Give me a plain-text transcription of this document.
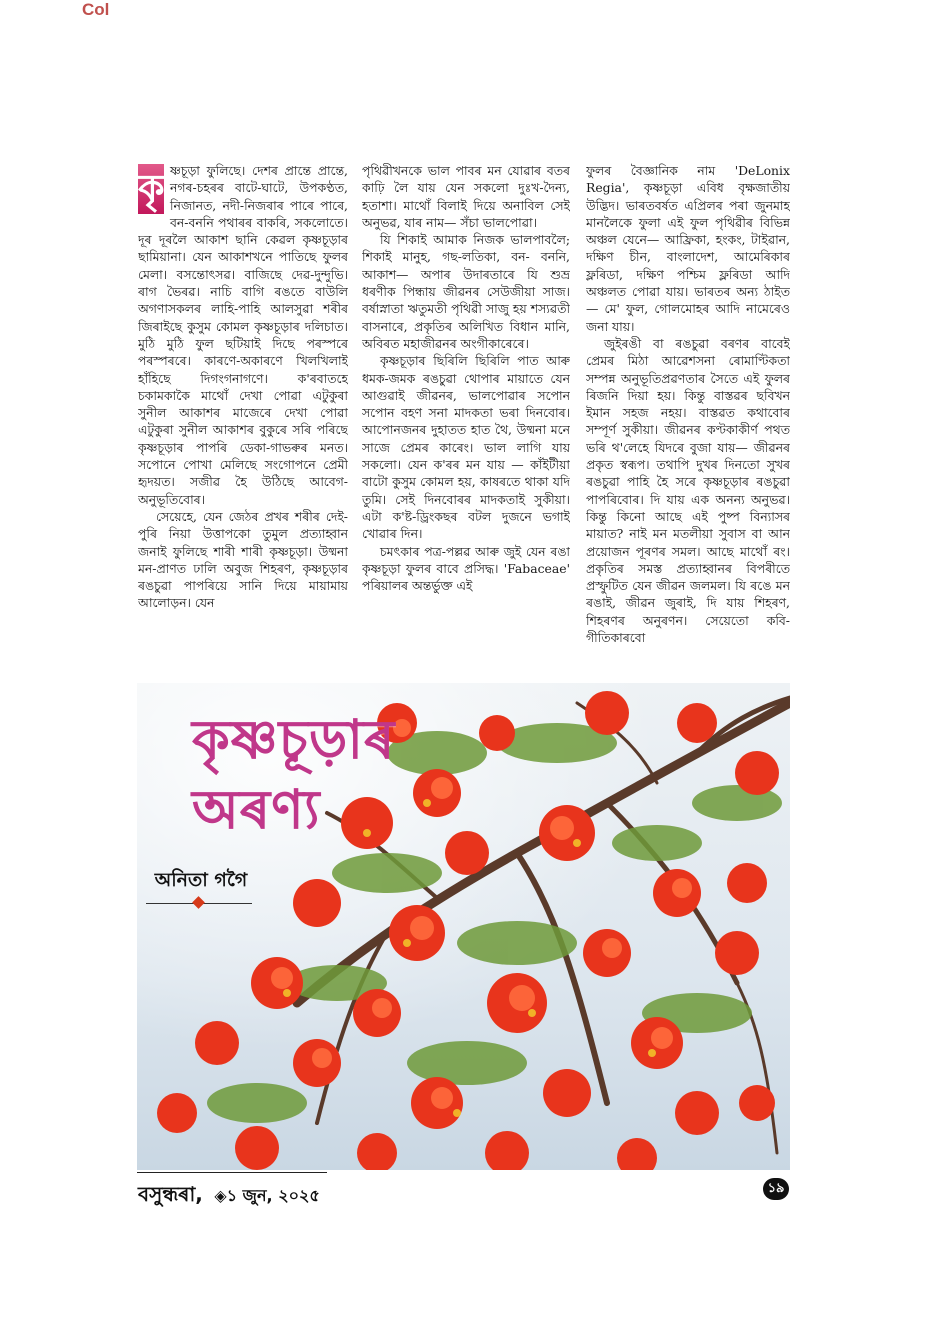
Col
কৃ ষ্ণচূড়া ফুলিছে। দেশৰ প্ৰান্তে প্ৰান্তে, নগৰ-চহৰৰ বাটে-ঘাটে, উপকণ্ঠত, নিজানত, নদী-নিজৰাৰ পাৰে পাৰে, বন-বননি পথাৰৰ বাকৰি, সকলোতে। দূৰ দূৰলৈ আকাশ ছানি কেৱল কৃষ্ণচূড়াৰ ছামিয়ানা। যেন আকাশখনে পাতিছে ফুলৰ মেলা। বসন্তোৎসৱ। বাজিছে দেৱ-দুন্দুভি। ৰাগ ভৈৰৱ। নাচি বাগি ৰঙতে বাউলি অগণাসকলৰ লাহি-পাহি আলসুৱা শৰীৰ জিৰাইছে কুসুম কোমল কৃষ্ণচূড়াৰ দলিচাত। মুঠি মুঠি ফুল ছটিয়াই দিছে পৰস্পৰে পৰস্পৰৰে। কাৰণে-অকাৰণে খিলখিলাই হাঁহিছে দিগংগনাগণে। ক'ৰবাতহে চকামকাকৈ মাথোঁ দেখা পোৱা এটুকুৰা সুনীল আকাশৰ মাজেৰে দেখা পোৱা এটুকুৰা সুনীল আকাশৰ বুকুৰে সৰি পৰিছে কৃষ্ণচূড়াৰ পাপৰি ডেকা-গাভৰুৰ মনত। সপোনে পোখা মেলিছে সংগোপনে প্ৰেমী হৃদয়ত। সজীৱ হৈ উঠিছে আবেগ- অনুভূতিবোৰ।

সেয়েহে, যেন জেঠৰ প্ৰখৰ শৰীৰ দেই-পুৰি নিয়া উত্তাপকো তুমুল প্ৰত্যাহ্বান জনাই ফুলিছে শাৰী শাৰী কৃষ্ণচূড়া। উষ্মনা মন-প্ৰাণত ঢালি অবুজ শিহৰণ, কৃষ্ণচূড়াৰ ৰঙচুৱা পাপৰিয়ে সানি দিয়ে মায়ামায় আলোড়ন। যেন

পৃথিৱীখনকে ভাল পাবৰ মন যোৱাৰ বতৰ কাঢ়ি লৈ যায় যেন সকলো দুঃখ-দৈন্য, হতাশা। মাথোঁ বিলাই দিয়ে অনাবিল সেই অনুভৱ, যাৰ নাম— সঁচা ভালপোৱা।

যি শিকাই আমাক নিজক ভালপাবলৈ; শিকাই মানুহ, গছ-লতিকা, বন- বননি, আকাশ— অপাৰ উদাৰতাৰে যি শুভ্ৰ ধৰণীক পিন্ধায় জীৱনৰ সেউজীয়া সাজ। বৰ্ষাস্নাতা ঋতুমতী পৃথিৱী সাজু হয় শস্যৱতী বাসনাৰে, প্ৰকৃতিৰ অলিখিত বিধান মানি, অবিৰত মহাজীৱনৰ অংগীকাৰেৰে।

কৃষ্ণচূড়াৰ ছিৰিলি ছিৰিলি পাত আৰু ধমক-জমক ৰঙচুৱা থোপাৰ মায়াতে যেন আগুৱাই জীৱনৰ, ভালপোৱাৰ সপোন সপোন বহণ সনা মাদকতা ভৰা দিনবোৰ। আপোনজনৰ দুহাতত হাত থৈ, উষ্মনা মনে সাজে প্ৰেমৰ কাৰেং। ভাল লাগি যায় সকলো। যেন ক'ৰৰ মন যায় — কাঁইটীয়া বাটো কুসুম কোমল হয়, কাষৰতে থাকা যদি তুমি। সেই দিনবোৰৰ মাদকতাই সুকীয়া। এটা ক'ষ্ট-ড্ৰিংকছৰ বটল দুজনে ভগাই খোৱাৰ দিন।

চমৎকাৰ পত্ৰ-পল্লৱ আৰু জুই যেন ৰঙা কৃষ্ণচূড়া ফুলৰ বাবে প্ৰসিদ্ধ। 'Fabaceae' পৰিয়ালৰ অন্তৰ্ভুক্ত এই

ফুলৰ বৈজ্ঞানিক নাম 'DeLonix Regia', কৃষ্ণচূড়া এবিধ বৃক্ষজাতীয় উদ্ভিদ। ভাৰতবৰ্ষত এপ্ৰিলৰ পৰা জুনমাহ মানলৈকে ফুলা এই ফুল পৃথিৱীৰ বিভিন্ন অঞ্চল যেনে— আফ্ৰিকা, হংকং, টাইৱান, দক্ষিণ চীন, বাংলাদেশ, আমেৰিকাৰ ফ্লৰিডা, দক্ষিণ পশ্চিম ফ্লৰিডা আদি অঞ্চলত পোৱা যায়। ভাৰতৰ অন্য ঠাইত— মে' ফুল, গোলমোহৰ আদি নামেৰেও জনা যায়।

জুইৰঙী বা ৰঙচুৱা বৰণৰ বাবেই প্ৰেমৰ মিঠা আৱেশসনা ৰোমাণ্টিকতা সম্পন্ন অনুভূতিপ্ৰৱণতাৰ সৈতে এই ফুলৰ ৰিজনি দিয়া হয়। কিন্তু বাস্তৱৰ ছবিখন ইমান সহজ নহয়। বাস্তৱত কথাবোৰ সম্পূৰ্ণ সুকীয়া। জীৱনৰ কণ্টকাকীৰ্ণ পথত ভৰি থ'লেহে যিদৰে বুজা যায়— জীৱনৰ প্ৰকৃত স্বৰূপ। তথাপি দুখৰ দিনতো সুখৰ ৰঙচুৱা পাহি হৈ সৰে কৃষ্ণচূড়াৰ ৰঙচুৱা পাপৰিবোৰ। দি যায় এক অনন্য অনুভৱ। কিন্তু কিনো আছে এই পুষ্প বিন্যাসৰ মায়াত? নাই মন মতলীয়া সুবাস বা আন প্ৰয়োজন পূৰণৰ সমল। আছে মাথোঁ ৰং। প্ৰকৃতিৰ সমস্ত প্ৰত্যাহ্বানৰ বিপৰীতে প্ৰস্ফুটিত যেন জীৱন জলমল। যি ৰঙে মন ৰঙাই, জীৱন জুৰাই, দি যায় শিহৰণ, শিহৰণৰ অনুৰণন। সেয়েতো কবি-গীতিকাৰবো

কৃষ্ণচূড়াৰ
অৰণ্য
অনিতা গগৈ
বসুন্ধৰা, ◈১ জুন, ২০২৫	১৯
